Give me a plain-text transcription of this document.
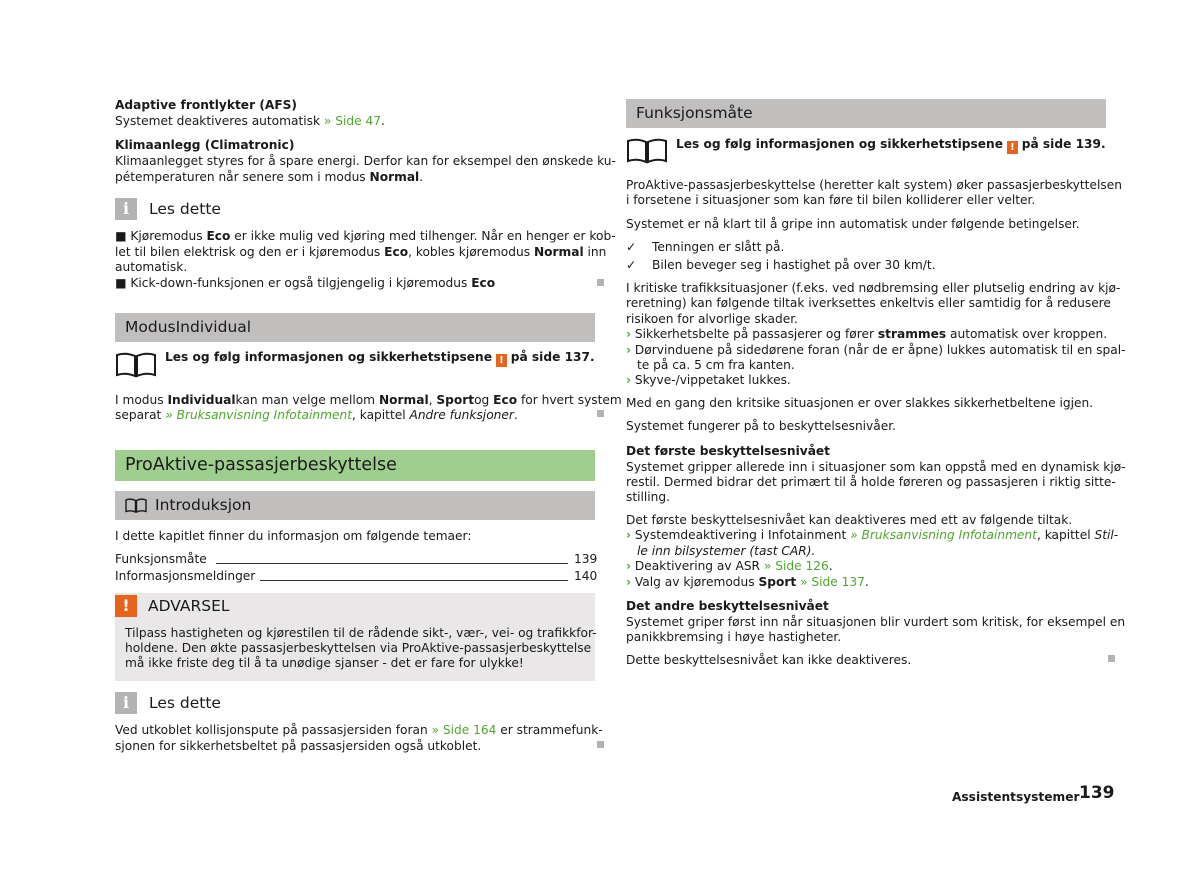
Adaptive frontlykter (AFS)
Systemet deaktiveres automatisk » Side 47.
Klimaanlegg (Climatronic)
Klimaanlegget styres for å spare energi. Derfor kan for eksempel den ønskede ku-
pétemperaturen når senere som i modus Normal.
i	Les dette
■ Kjøremodus Eco er ikke mulig ved kjøring med tilhenger. Når en henger er kob-
let til bilen elektrisk og den er i kjøremodus Eco, kobles kjøremodus Normal inn
automatisk.
■ Kick-down-funksjonen er også tilgjengelig i kjøremodus Eco
ModusIndividual
Les og følg informasjonen og sikkerhetstipsene ! på side 137.
I modus Individualkan man velge mellom Normal, Sportog Eco for hvert system
separat » Bruksanvisning Infotainment, kapittel Andre funksjoner.
ProAktive-passasjerbeskyttelse
Introduksjon
I dette kapitlet finner du informasjon om følgende temaer:
Funksjonsmåte	139
Informasjonsmeldinger	140
!	ADVARSEL
Tilpass hastigheten og kjørestilen til de rådende sikt-, vær-, vei- og trafikkfor-
holdene. Den økte passasjerbeskyttelsen via ProAktive-passasjerbeskyttelse
må ikke friste deg til å ta unødige sjanser - det er fare for ulykke!
i	Les dette
Ved utkoblet kollisjonspute på passasjersiden foran » Side 164 er strammefunk-
sjonen for sikkerhetsbeltet på passasjersiden også utkoblet.
Funksjonsmåte
Les og følg informasjonen og sikkerhetstipsene ! på side 139.
ProAktive-passasjerbeskyttelse (heretter kalt system) øker passasjerbeskyttelsen
i forsetene i situasjoner som kan føre til bilen kolliderer eller velter.
Systemet er nå klart til å gripe inn automatisk under følgende betingelser.
✓ Tenningen er slått på.
✓ Bilen beveger seg i hastighet på over 30 km/t.
I kritiske trafikksituasjoner (f.eks. ved nødbremsing eller plutselig endring av kjø-
reretning) kan følgende tiltak iverksettes enkeltvis eller samtidig for å redusere
risikoen for alvorlige skader.
› Sikkerhetsbelte på passasjerer og fører strammes automatisk over kroppen.
› Dørvinduene på sidedørene foran (når de er åpne) lukkes automatisk til en spal-
te på ca. 5 cm fra kanten.
› Skyve-/vippetaket lukkes.
Med en gang den kritsike situasjonen er over slakkes sikkerhetbeltene igjen.
Systemet fungerer på to beskyttelsesnivåer.
Det første beskyttelsesnivået
Systemet gripper allerede inn i situasjoner som kan oppstå med en dynamisk kjø-
restil. Dermed bidrar det primært til å holde føreren og passasjeren i riktig sitte-
stilling.
Det første beskyttelsesnivået kan deaktiveres med ett av følgende tiltak.
› Systemdeaktivering i Infotainment » Bruksanvisning Infotainment, kapittel Stil-
le inn bilsystemer (tast CAR).
› Deaktivering av ASR » Side 126.
› Valg av kjøremodus Sport » Side 137.
Det andre beskyttelsesnivået
Systemet griper først inn når situasjonen blir vurdert som kritisk, for eksempel en
panikkbremsing i høye hastigheter.
Dette beskyttelsesnivået kan ikke deaktiveres.
Assistentsystemer 139
